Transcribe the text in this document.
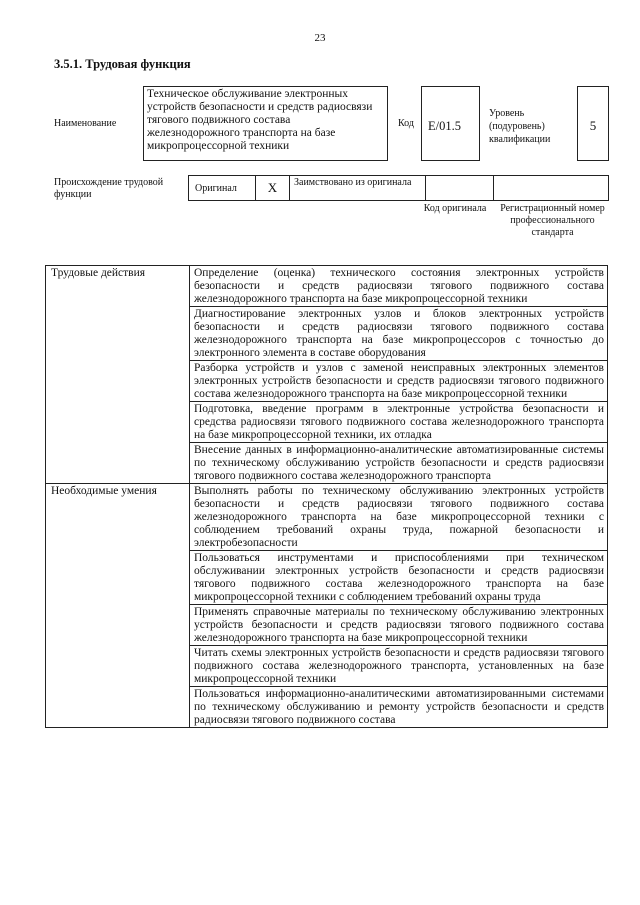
23
3.5.1. Трудовая функция
Наименование
Техническое обслуживание электронных устройств безопасности и средств радиосвязи тягового подвижного состава железнодорожного транспорта на базе микропроцессорной техники
Код	E/01.5
Уровень (подуровень) квалификации
5
Происхождение трудовой функции
Оригинал	X	Заимствовано из оригинала
Код оригинала	Регистрационный номер профессионального стандарта
Трудовые действия	Определение (оценка) технического состояния электронных устройств безопасности и средств радиосвязи тягового подвижного состава железнодорожного транспорта на базе микропроцессорной техники
	Диагностирование электронных узлов и блоков электронных устройств безопасности и средств радиосвязи тягового подвижного состава железнодорожного транспорта на базе микропроцессоров с точностью до электронного элемента в составе оборудования
	Разборка устройств и узлов с заменой неисправных электронных элементов электронных устройств безопасности и средств радиосвязи тягового подвижного состава железнодорожного транспорта на базе микропроцессорной техники
	Подготовка, введение программ в электронные устройства безопасности и средства радиосвязи тягового подвижного состава железнодорожного транспорта на базе микропроцессорной техники, их отладка
	Внесение данных в информационно-аналитические автоматизированные системы по техническому обслуживанию устройств безопасности и средств радиосвязи тягового подвижного состава железнодорожного транспорта
Необходимые умения	Выполнять работы по техническому обслуживанию электронных устройств безопасности и средств радиосвязи тягового подвижного состава железнодорожного транспорта на базе микропроцессорной техники с соблюдением требований охраны труда, пожарной безопасности и электробезопасности
	Пользоваться инструментами и приспособлениями при техническом обслуживании электронных устройств безопасности и средств радиосвязи тягового подвижного состава железнодорожного транспорта на базе микропроцессорной техники с соблюдением требований охраны труда
	Применять справочные материалы по техническому обслуживанию электронных устройств безопасности и средств радиосвязи тягового подвижного состава железнодорожного транспорта на базе микропроцессорной техники
	Читать схемы электронных устройств безопасности и средств радиосвязи тягового подвижного состава железнодорожного транспорта, установленных на базе микропроцессорной техники
	Пользоваться информационно-аналитическими автоматизированными системами по техническому обслуживанию и ремонту устройств безопасности и средств радиосвязи тягового подвижного состава
